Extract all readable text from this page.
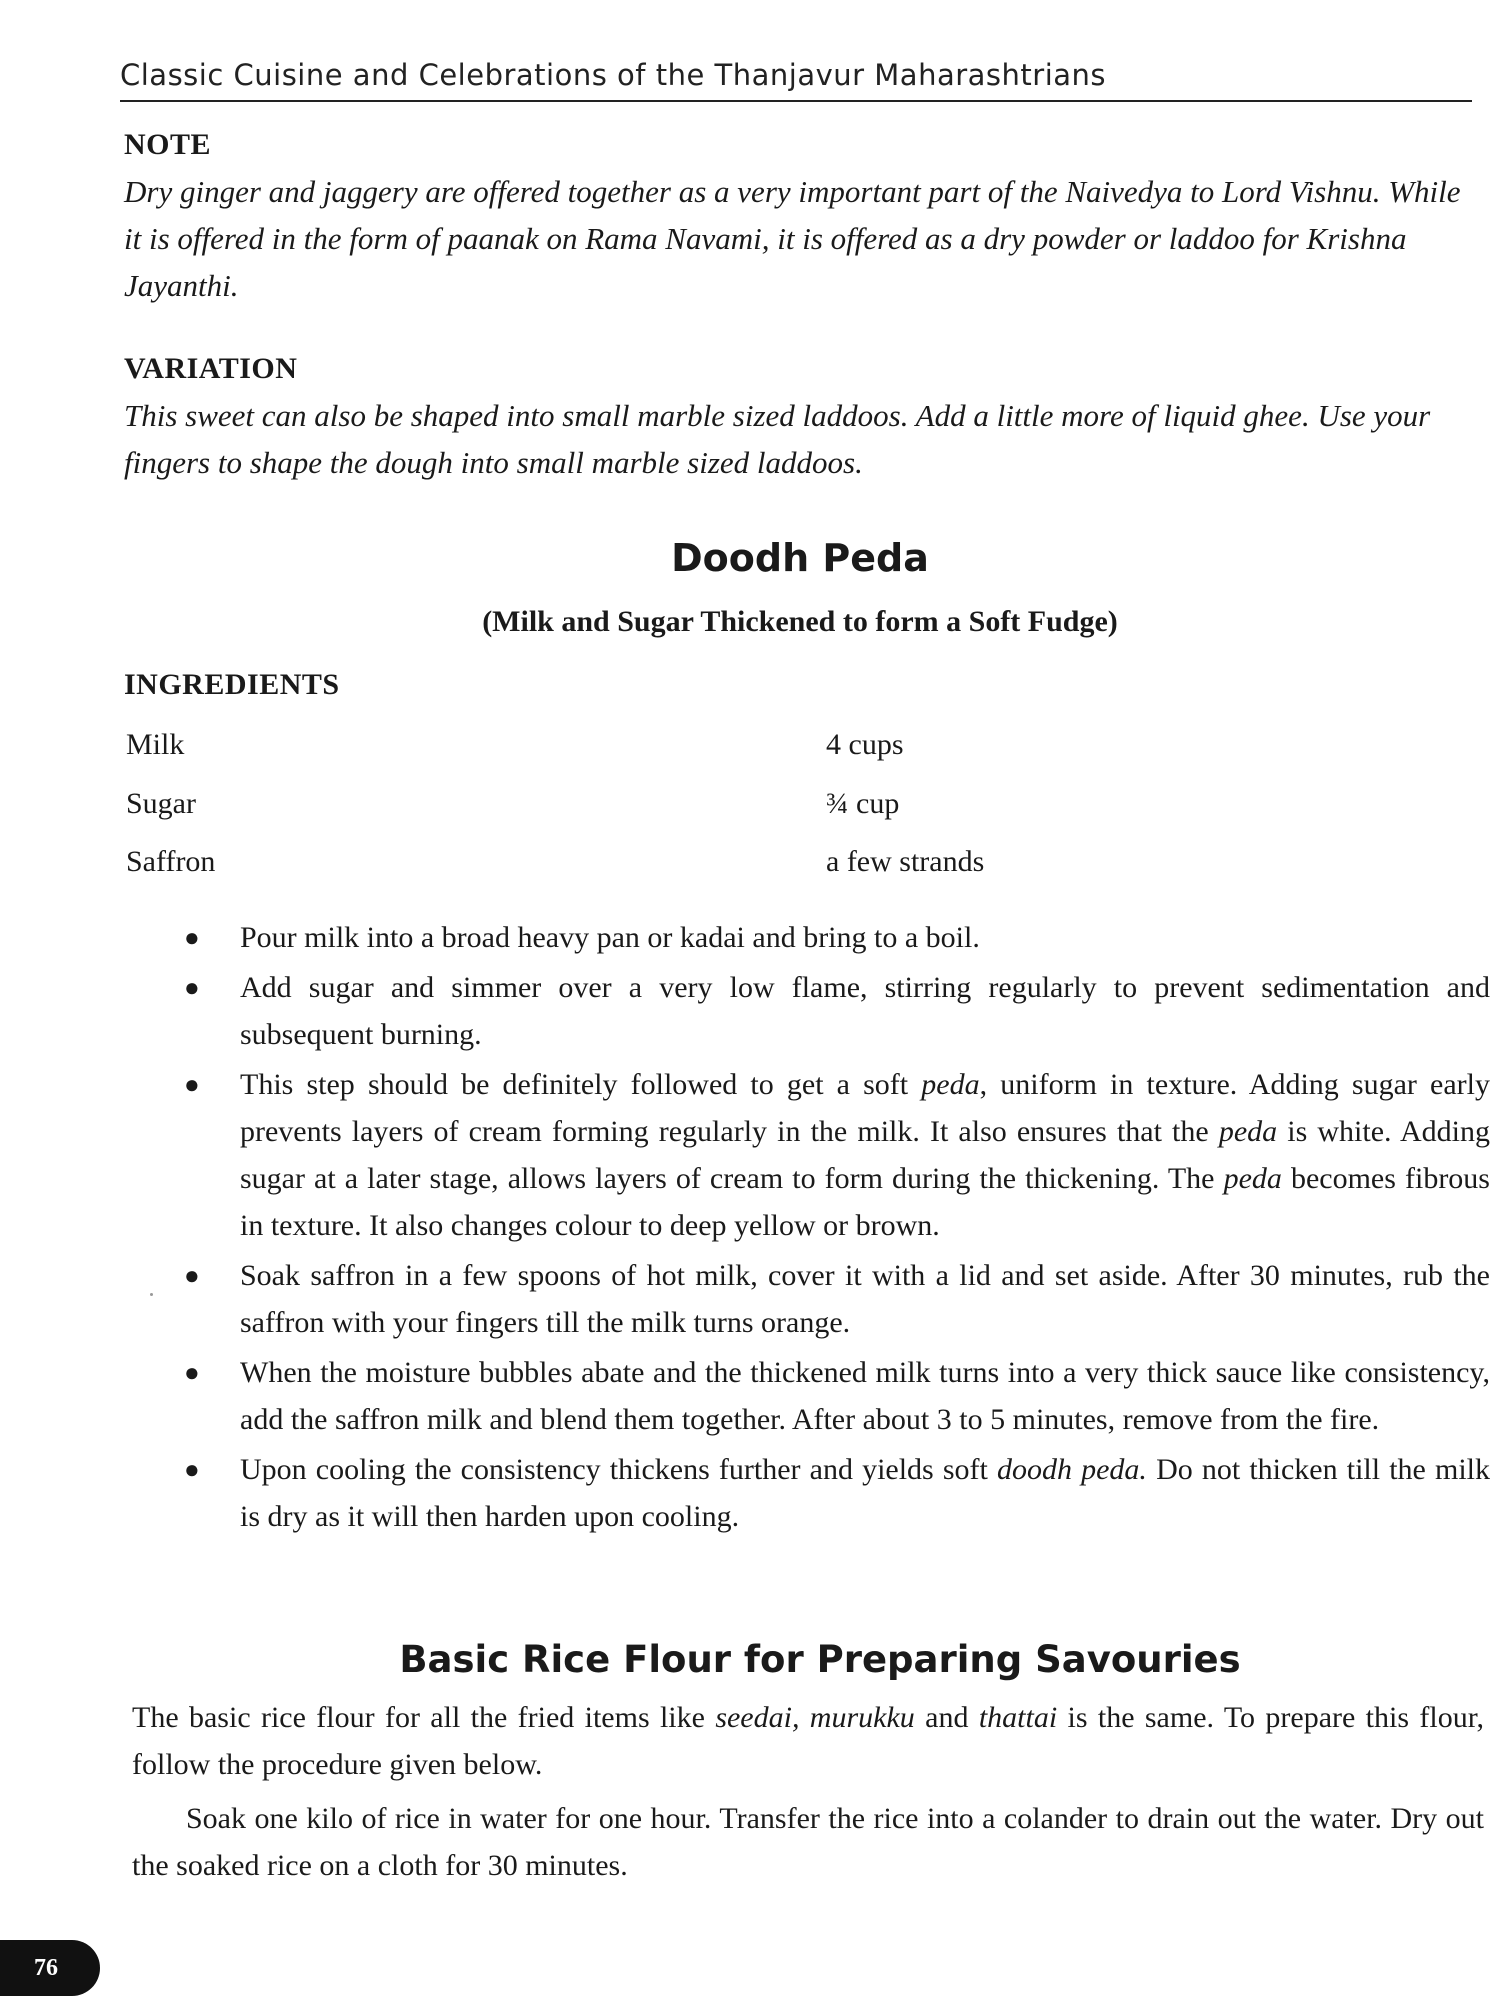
Classic Cuisine and Celebrations of the Thanjavur Maharashtrians
NOTE

Dry ginger and jaggery are offered together as a very important part of the Naivedya to Lord Vishnu. While it is offered in the form of paanak on Rama Navami, it is offered as a dry powder or laddoo for Krishna Jayanthi.

VARIATION

This sweet can also be shaped into small marble sized laddoos. Add a little more of liquid ghee. Use your fingers to shape the dough into small marble sized laddoos.

Doodh Peda
(Milk and Sugar Thickened to form a Soft Fudge)
INGREDIENTS
Milk	4 cups
Sugar	¾ cup
Saffron	a few strands
● Pour milk into a broad heavy pan or kadai and bring to a boil.
● Add sugar and simmer over a very low flame, stirring regularly to prevent sedimentation and subsequent burning.
● This step should be definitely followed to get a soft peda, uniform in texture. Adding sugar early prevents layers of cream forming regularly in the milk. It also ensures that the peda is white. Adding sugar at a later stage, allows layers of cream to form during the thickening. The peda becomes fibrous in texture. It also changes colour to deep yellow or brown.
● Soak saffron in a few spoons of hot milk, cover it with a lid and set aside. After 30 minutes, rub the saffron with your fingers till the milk turns orange.
● When the moisture bubbles abate and the thickened milk turns into a very thick sauce like consistency, add the saffron milk and blend them together. After about 3 to 5 minutes, remove from the fire.
● Upon cooling the consistency thickens further and yields soft doodh peda. Do not thicken till the milk is dry as it will then harden upon cooling.
Basic Rice Flour for Preparing Savouries

The basic rice flour for all the fried items like seedai, murukku and thattai is the same. To prepare this flour, follow the procedure given below.

Soak one kilo of rice in water for one hour. Transfer the rice into a colander to drain out the water. Dry out the soaked rice on a cloth for 30 minutes.

76
